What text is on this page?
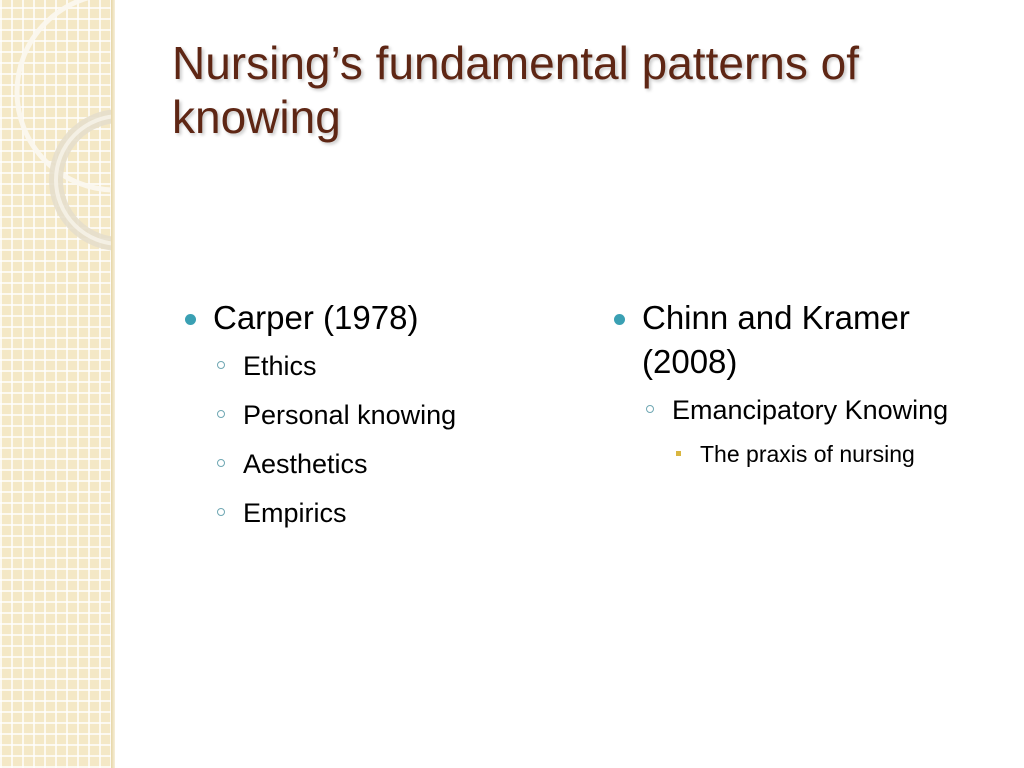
Nursing’s fundamental patterns of knowing
Carper (1978)
Ethics
Personal knowing
Aesthetics
Empirics
Chinn and Kramer (2008)
Emancipatory Knowing
The praxis of nursing
